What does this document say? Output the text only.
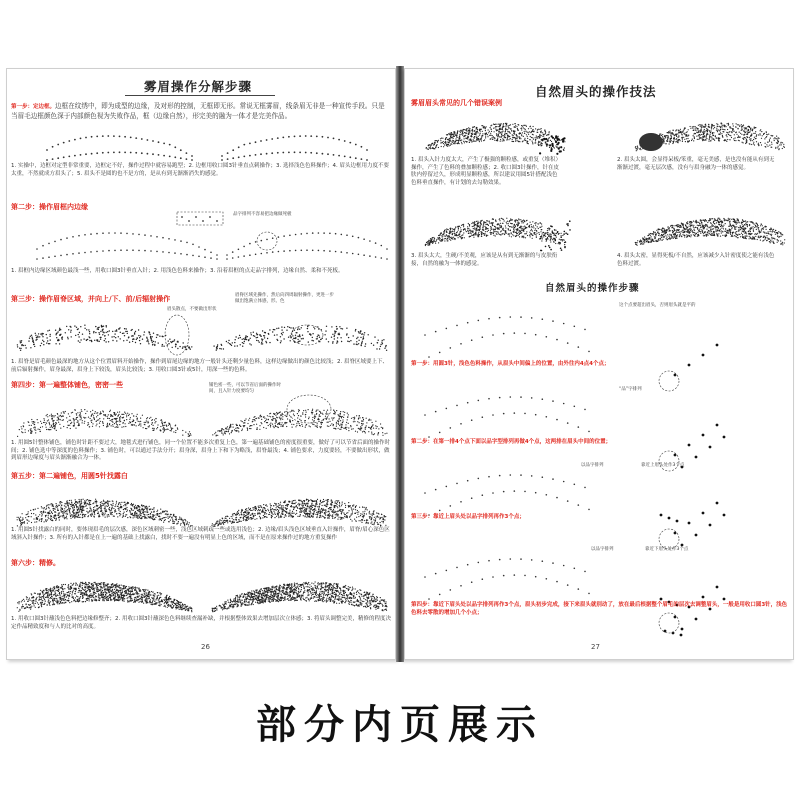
雾眉操作分解步骤
第一步：定边框。边框在纹绣中，即为成型的边缘，及对形的控制，无框即无形。常说无框雾眉，线条眉无非是一种宣传手段。只是当眉毛边框颜色深于内部颜色视为失败作品，框（边缘自然），形完美的融为一体才是完美作品。
1. 实操中，边框对定型非常重要，边框定不好，操作过程中就容易跑型；2. 边框用收口圆3针垂直点刺操作；3. 选择浅色色料操作；4. 眉头边框用力度不要太重，不然就成方眉头了；5. 眉头不是圆的也不是方的，是从有到无渐渐消失的感觉。
第二步：操作眉框内边缘
品字排列不容易把边缘做死板
1. 眉框内边缘区域颜色最浅一些，用收口圆3针垂直入针；2. 用浅色色料来操作；3. 沿着眉框的点走品字排列，边缘自然、柔和不死板。
第三步：操作眉脊区域，并向上/下、前/后辐射操作	眉脊区域先操作，然后向四周辐射操作，更进一步做出饱满立体感，形。色
眉头散点，不要做出形状
1. 眉脊是眉毛颜色最深的地方从这个位置眉料开始操作，操作到眉尾边缘的地方一般针头还剩少量色料，这样边缘做出的颜色比较浅；2. 眉脊区域要上下、前后辐射操作，眉身最深，眉身上下较浅，眉头比较浅；3. 用收口圆3针或5针，用深一些的色料。
第四步：第一遍整体铺色，密密一些	铺色密一些，可以节省后面的操作时间，且入针力度要均匀
1. 用圆5针整体铺色，铺色时针距不要过大，地毯式进行铺色，同一个位置不能多次重复上色，第一遍基础铺色的密度很重要，做好了可以节省后面的操作时间；2. 铺色选中等深度的色料操作；3. 铺色时，可以通过手法分开；眉身深，眉身上下和下为略浅，眉脊最浅；4. 铺色要求，力度要轻，不要做出形状，做到眉形边缘度与眉头渐渐融合为一体。
第五步：第二遍铺色，用圆5针找露白
1. 用圆5针找露白的同时，要体现眉毛的层次感，深色区域刺密一些，浅色区域刺疏一些或选用浅色；2. 边缘/眉头浅色区域垂直入针操作，眉脊/眉心深色区域斜入针操作；3. 所有的入针都是在上一遍的基础上找露白，找时不要一遍没有明显上色的区域，而不是在原来操作过的地方重复操作
第六步：精修。
1. 用收口圆3针蘸浅色色料把边缘修整齐；2. 用收口圆3针蘸深色色料继续查漏补缺，并根据整体效果去增加层次立体感；3. 将眉头调整完美，精修的程度决定作品精致度和与人的比对的高度。
26
自然眉头的操作技法
雾眉眉头常见的几个错误案例
1. 眉头入针力度太大，产生了极强的颗粒感，或重复（堆积）操作，产生了色料的叠加颗粒感；2. 收口圆3针操作，针在皮肤内停留过久，形成明显颗粒感，所以建议用圆5针搭配浅色色料垂直操作，有计划的去勾勒效果。
2. 眉头太圆，会显得呆板/笨重，毫无美感，是也没有能从有到无渐渐过渡，毫无层次感，没有与眉身融为一体的感觉。
3. 眉头太大，生硬/不美观，应该是从有到无渐渐的与皮肤衔接，自然的融为一体的感觉。
4. 眉头太密，显得死板/不自然，应该减少入针密度使之能有浅色色料过渡。
自然眉头的操作步骤
这个点要超出眉头，否则眉头就是平的
第一步：用圆3针，浅色色料操作，从眉头中间偏上的位置，由外往内4点4个点；
“品”字排列
第二步：在第一排4个点下面以品字型排列再做4个点，这两排在眉头中间的位置；
以品字排列	靠近上眉头处作3个点
第三步：靠近上眉头处以品字排列再作3个点；
以品字排列	靠近下眉头处作3个点
第四步：靠近下眉头处以品字排列再作3个点，眉头初步完成，接下来眉头就别动了，放在最后根据整个眉毛的层次去调整眉头，一般是用收口圆3针，浅色色料去零散的增加几个小点；
27
部分内页展示
